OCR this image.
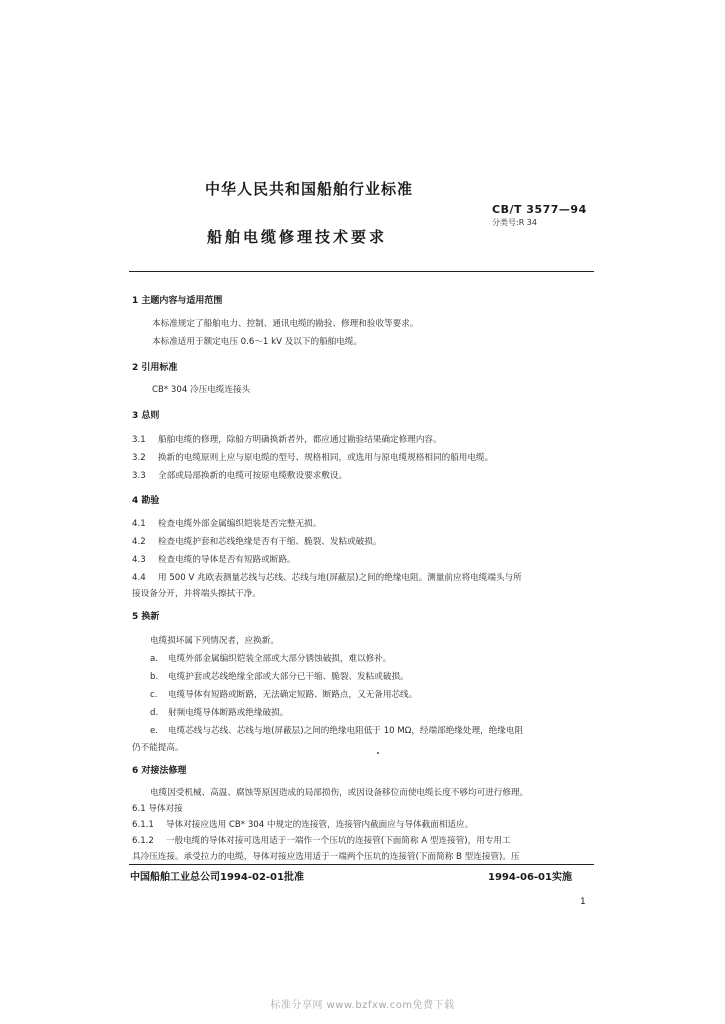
中华人民共和国船舶行业标准
船舶电缆修理技术要求
CB/T 3577—94
分类号:R 34
1 主题内容与适用范围
本标准规定了船舶电力、控制、通讯电缆的勘验、修理和验收等要求。
本标准适用于额定电压 0.6～1 kV 及以下的船舶电缆。
2 引用标准
CB* 304 冷压电缆连接头
3 总则
3.1 船舶电缆的修理，除船方明确换新者外，都应通过勘验结果确定修理内容。
3.2 换新的电缆原则上应与原电缆的型号、规格相同，或选用与原电缆规格相同的船用电缆。
3.3 全部或局部换新的电缆可按原电缆敷设要求敷设。
4 勘验
4.1 检查电缆外部金属编织铠装是否完整无损。
4.2 检查电缆护套和芯线绝缘是否有干缩、脆裂、发粘或破损。
4.3 检查电缆的导体是否有短路或断路。
4.4 用 500 V 兆欧表测量芯线与芯线、芯线与地(屏蔽层)之间的绝缘电阻。测量前应将电缆端头与所
接设备分开，并将端头擦拭干净。
5 换新
电缆损坏属下列情况者，应换新。
a. 电缆外部金属编织铠装全部或大部分锈蚀破损，难以修补。
b. 电缆护套或芯线绝缘全部或大部分已干缩、脆裂、发粘或破损。
c. 电缆导体有短路或断路，无法确定短路、断路点，又无备用芯线。
d. 射频电缆导体断路或绝缘破损。
e. 电缆芯线与芯线、芯线与地(屏蔽层)之间的绝缘电阻低于 10 MΩ，经端部绝缘处理，绝缘电阻
仍不能提高。
6 对接法修理
电缆因受机械、高温、腐蚀等原因造成的局部损伤，或因设备移位而使电缆长度不够均可进行修理。
6.1 导体对接
6.1.1 导体对接应选用 CB* 304 中规定的连接管，连接管内截面应与导体截面相适应。
6.1.2 一般电缆的导体对接可选用适于一端作一个压坑的连接管(下面简称 A 型连接管)，用专用工
具冷压连接。承受拉力的电缆，导体对接应选用适于一端两个压坑的连接管(下面简称 B 型连接管)。压
中国船舶工业总公司1994-02-01批准	1994-06-01实施
1
标准分享网 www.bzfxw.com免费下载
